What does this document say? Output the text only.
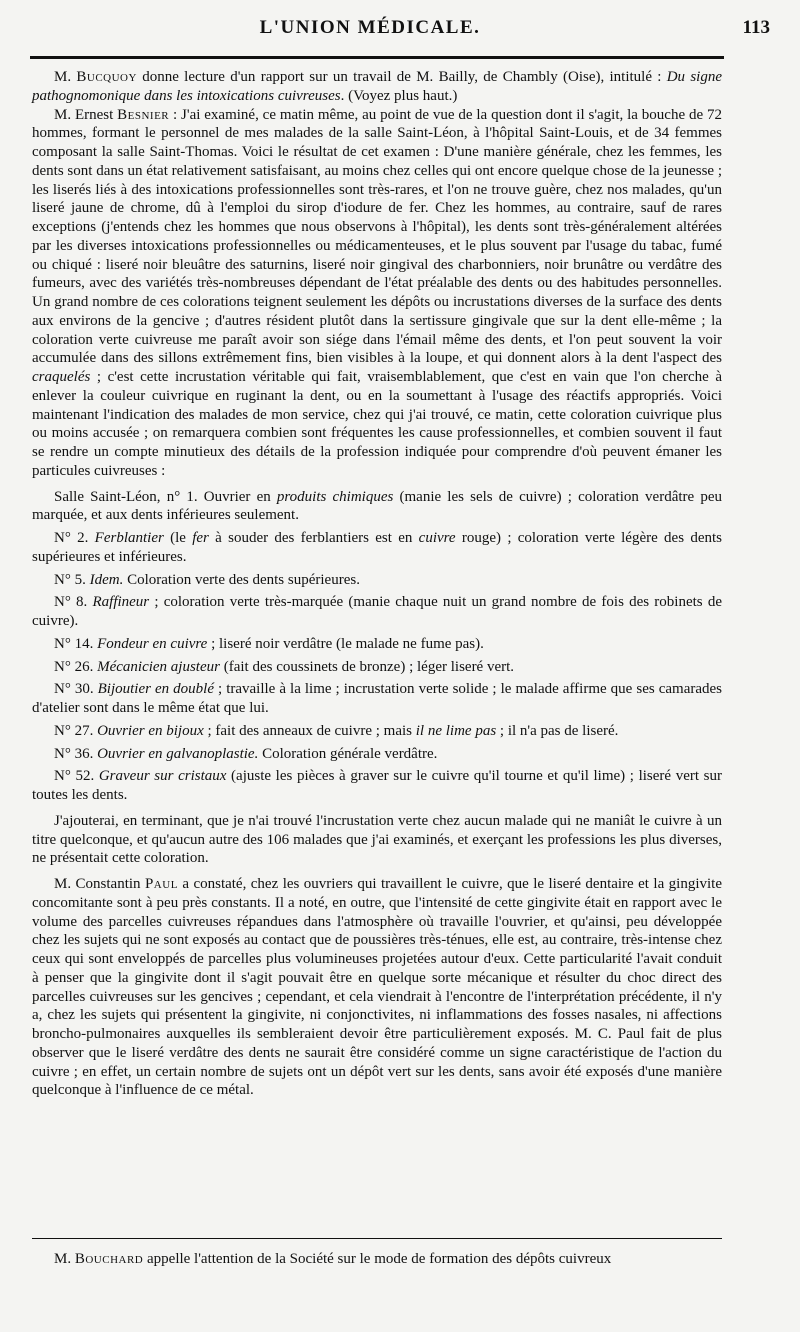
L'UNION MÉDICALE.	113

M. Bucquoy donne lecture d'un rapport sur un travail de M. Bailly, de Chambly (Oise), intitulé : Du signe pathognomonique dans les intoxications cuivreuses. (Voyez plus haut.)

M. Ernest Besnier : J'ai examiné, ce matin même, au point de vue de la question dont il s'agit, la bouche de 72 hommes, formant le personnel de mes malades de la salle Saint-Léon, à l'hôpital Saint-Louis, et de 34 femmes composant la salle Saint-Thomas. Voici le résultat de cet examen : D'une manière générale, chez les femmes, les dents sont dans un état relativement satisfaisant, au moins chez celles qui ont encore quelque chose de la jeunesse ; les liserés liés à des intoxications professionnelles sont très-rares, et l'on ne trouve guère, chez nos malades, qu'un liseré jaune de chrome, dû à l'emploi du sirop d'iodure de fer. Chez les hommes, au contraire, sauf de rares exceptions (j'entends chez les hommes que nous observons à l'hôpital), les dents sont très-généralement altérées par les diverses intoxications professionnelles ou médicamenteuses, et le plus souvent par l'usage du tabac, fumé ou chiqué : liseré noir bleuâtre des saturnins, liseré noir gingival des charbonniers, noir brunâtre ou verdâtre des fumeurs, avec des variétés très-nombreuses dépendant de l'état préalable des dents ou des habitudes personnelles. Un grand nombre de ces colorations teignent seulement les dépôts ou incrustations diverses de la surface des dents aux environs de la gencive ; d'autres résident plutôt dans la sertissure gingivale que sur la dent elle-même ; la coloration verte cuivreuse me paraît avoir son siége dans l'émail même des dents, et l'on peut souvent la voir accumulée dans des sillons extrêmement fins, bien visibles à la loupe, et qui donnent alors à la dent l'aspect des craquelés ; c'est cette incrustation véritable qui fait, vraisemblablement, que c'est en vain que l'on cherche à enlever la couleur cuivrique en ruginant la dent, ou en la soumettant à l'usage des réactifs appropriés. Voici maintenant l'indication des malades de mon service, chez qui j'ai trouvé, ce matin, cette coloration cuivrique plus ou moins accusée ; on remarquera combien sont fréquentes les cause professionnelles, et combien souvent il faut se rendre un compte minutieux des détails de la profession indiquée pour comprendre d'où peuvent émaner les particules cuivreuses :

Salle Saint-Léon, n° 1. Ouvrier en produits chimiques (manie les sels de cuivre) ; coloration verdâtre peu marquée, et aux dents inférieures seulement.

N° 2. Ferblantier (le fer à souder des ferblantiers est en cuivre rouge) ; coloration verte légère des dents supérieures et inférieures.

N° 5. Idem. Coloration verte des dents supérieures.

N° 8. Raffineur ; coloration verte très-marquée (manie chaque nuit un grand nombre de fois des robinets de cuivre).

N° 14. Fondeur en cuivre ; liseré noir verdâtre (le malade ne fume pas).

N° 26. Mécanicien ajusteur (fait des coussinets de bronze) ; léger liseré vert.

N° 30. Bijoutier en doublé ; travaille à la lime ; incrustation verte solide ; le malade affirme que ses camarades d'atelier sont dans le même état que lui.

N° 27. Ouvrier en bijoux ; fait des anneaux de cuivre ; mais il ne lime pas ; il n'a pas de liseré.

N° 36. Ouvrier en galvanoplastie. Coloration générale verdâtre.

N° 52. Graveur sur cristaux (ajuste les pièces à graver sur le cuivre qu'il tourne et qu'il lime) ; liseré vert sur toutes les dents.

J'ajouterai, en terminant, que je n'ai trouvé l'incrustation verte chez aucun malade qui ne maniât le cuivre à un titre quelconque, et qu'aucun autre des 106 malades que j'ai examinés, et exerçant les professions les plus diverses, ne présentait cette coloration.

M. Constantin Paul a constaté, chez les ouvriers qui travaillent le cuivre, que le liseré dentaire et la gingivite concomitante sont à peu près constants. Il a noté, en outre, que l'intensité de cette gingivite était en rapport avec le volume des parcelles cuivreuses répandues dans l'atmosphère où travaille l'ouvrier, et qu'ainsi, peu développée chez les sujets qui ne sont exposés au contact que de poussières très-ténues, elle est, au contraire, très-intense chez ceux qui sont enveloppés de parcelles plus volumineuses projetées autour d'eux. Cette particularité l'avait conduit à penser que la gingivite dont il s'agit pouvait être en quelque sorte mécanique et résulter du choc direct des parcelles cuivreuses sur les gencives ; cependant, et cela viendrait à l'encontre de l'interprétation précédente, il n'y a, chez les sujets qui présentent la gingivite, ni conjonctivites, ni inflammations des fosses nasales, ni affections broncho-pulmonaires auxquelles ils sembleraient devoir être particulièrement exposés. M. C. Paul fait de plus observer que le liseré verdâtre des dents ne saurait être considéré comme un signe caractéristique de l'action du cuivre ; en effet, un certain nombre de sujets ont un dépôt vert sur les dents, sans avoir été exposés d'une manière quelconque à l'influence de ce métal.

M. Bouchard appelle l'attention de la Société sur le mode de formation des dépôts cuivreux
